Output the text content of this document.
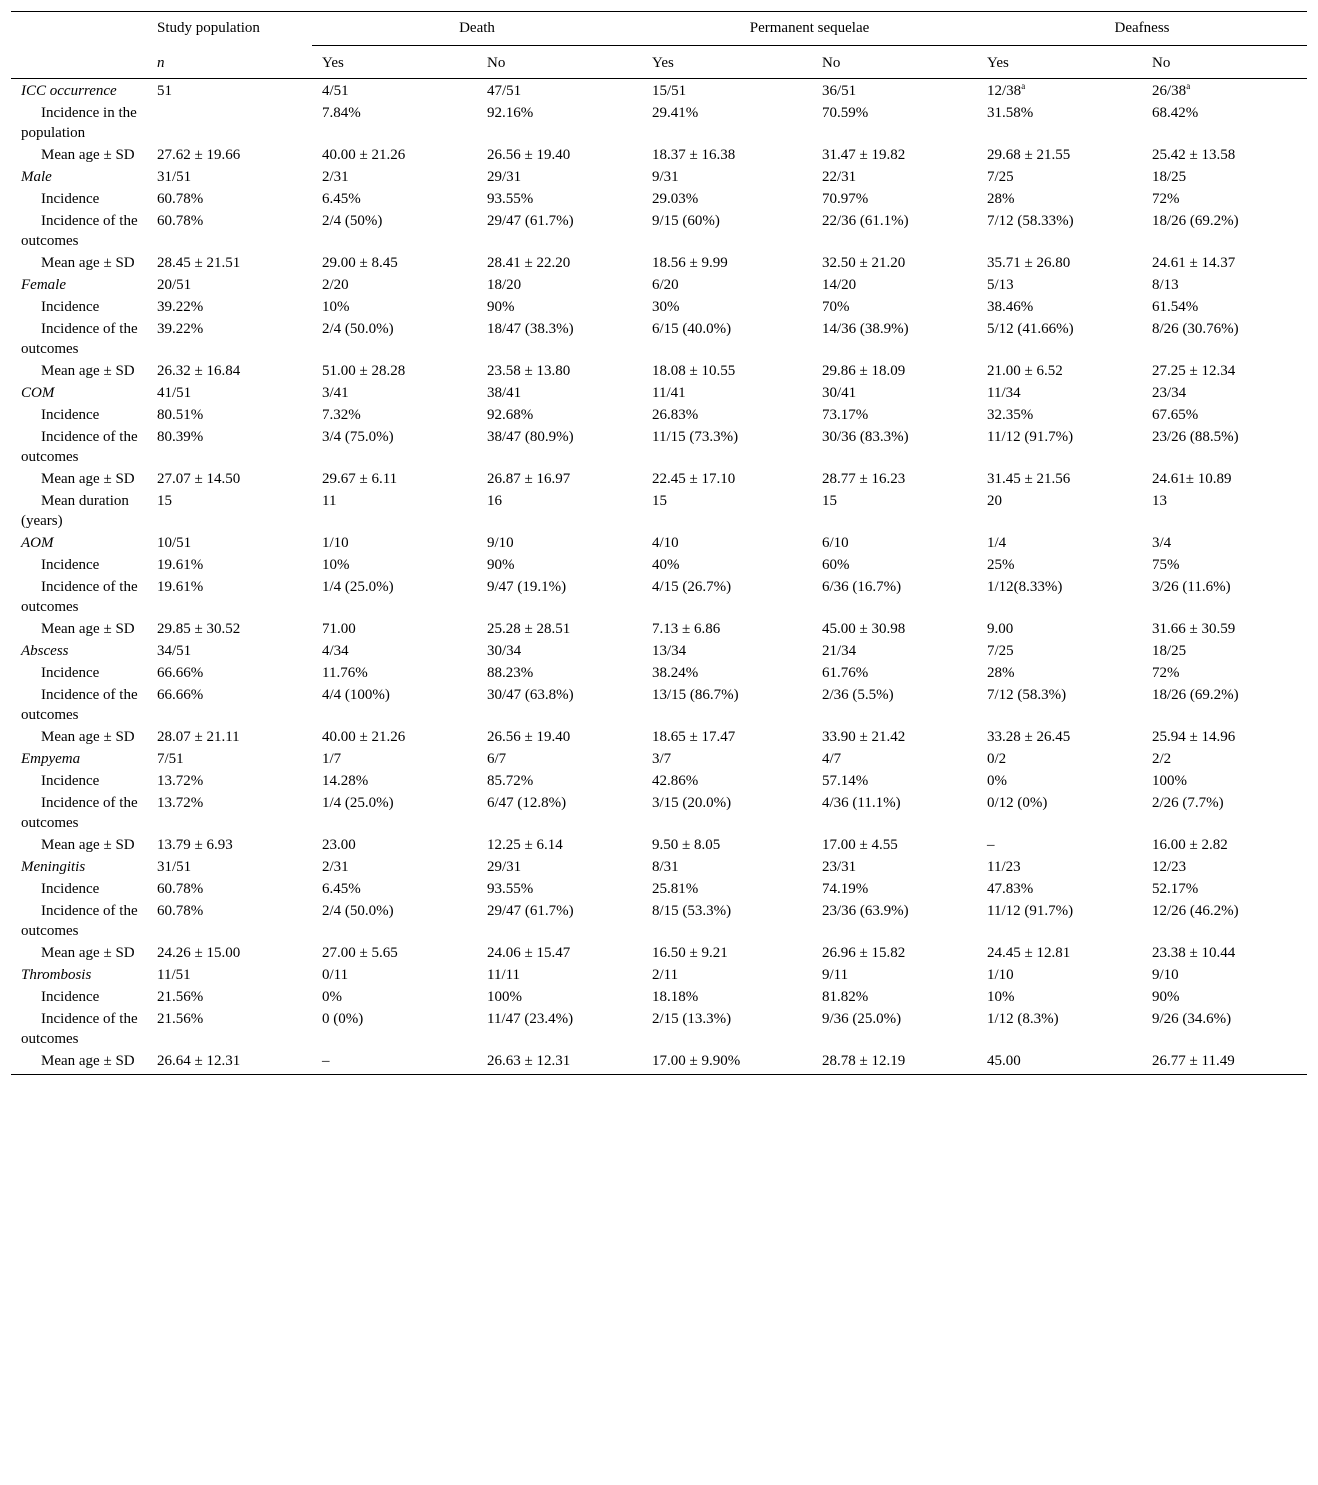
	Study population	Death		Permanent sequelae		Deafness	
	n	Yes	No	Yes	No	Yes	No
ICC occurrence	51	4/51	47/51	15/51	36/51	12/38$^a$	26/38$^a$
Incidence in the population		7.84%	92.16%	29.41%	70.59%	31.58%	68.42%
Mean age ± SD	27.62 ± 19.66	40.00 ± 21.26	26.56 ± 19.40	18.37 ± 16.38	31.47 ± 19.82	29.68 ± 21.55	25.42 ± 13.58
Male	31/51	2/31	29/31	9/31	22/31	7/25	18/25
Incidence	60.78%	6.45%	93.55%	29.03%	70.97%	28%	72%
Incidence of the outcomes	60.78%	2/4 (50%)	29/47 (61.7%)	9/15 (60%)	22/36 (61.1%)	7/12 (58.33%)	18/26 (69.2%)
Mean age ± SD	28.45 ± 21.51	29.00 ± 8.45	28.41 ± 22.20	18.56 ± 9.99	32.50 ± 21.20	35.71 ± 26.80	24.61 ± 14.37
Female	20/51	2/20	18/20	6/20	14/20	5/13	8/13
Incidence	39.22%	10%	90%	30%	70%	38.46%	61.54%
Incidence of the outcomes	39.22%	2/4 (50.0%)	18/47 (38.3%)	6/15 (40.0%)	14/36 (38.9%)	5/12 (41.66%)	8/26 (30.76%)
Mean age ± SD	26.32 ± 16.84	51.00 ± 28.28	23.58 ± 13.80	18.08 ± 10.55	29.86 ± 18.09	21.00 ± 6.52	27.25 ± 12.34
COM	41/51	3/41	38/41	11/41	30/41	11/34	23/34
Incidence	80.51%	7.32%	92.68%	26.83%	73.17%	32.35%	67.65%
Incidence of the outcomes	80.39%	3/4 (75.0%)	38/47 (80.9%)	11/15 (73.3%)	30/36 (83.3%)	11/12 (91.7%)	23/26 (88.5%)
Mean age ± SD	27.07 ± 14.50	29.67 ± 6.11	26.87 ± 16.97	22.45 ± 17.10	28.77 ± 16.23	31.45 ± 21.56	24.61± 10.89
Mean duration (years)	15	11	16	15	15	20	13
AOM	10/51	1/10	9/10	4/10	6/10	1/4	3/4
Incidence	19.61%	10%	90%	40%	60%	25%	75%
Incidence of the outcomes	19.61%	1/4 (25.0%)	9/47 (19.1%)	4/15 (26.7%)	6/36 (16.7%)	1/12(8.33%)	3/26 (11.6%)
Mean age ± SD	29.85 ± 30.52	71.00	25.28 ± 28.51	7.13 ± 6.86	45.00 ± 30.98	9.00	31.66 ± 30.59
Abscess	34/51	4/34	30/34	13/34	21/34	7/25	18/25
Incidence	66.66%	11.76%	88.23%	38.24%	61.76%	28%	72%
Incidence of the outcomes	66.66%	4/4 (100%)	30/47 (63.8%)	13/15 (86.7%)	2/36 (5.5%)	7/12 (58.3%)	18/26 (69.2%)
Mean age ± SD	28.07 ± 21.11	40.00 ± 21.26	26.56 ± 19.40	18.65 ± 17.47	33.90 ± 21.42	33.28 ± 26.45	25.94 ± 14.96
Empyema	7/51	1/7	6/7	3/7	4/7	0/2	2/2
Incidence	13.72%	14.28%	85.72%	42.86%	57.14%	0%	100%
Incidence of the outcomes	13.72%	1/4 (25.0%)	6/47 (12.8%)	3/15 (20.0%)	4/36 (11.1%)	0/12 (0%)	2/26 (7.7%)
Mean age ± SD	13.79 ± 6.93	23.00	12.25 ± 6.14	9.50 ± 8.05	17.00 ± 4.55	–	16.00 ± 2.82
Meningitis	31/51	2/31	29/31	8/31	23/31	11/23	12/23
Incidence	60.78%	6.45%	93.55%	25.81%	74.19%	47.83%	52.17%
Incidence of the outcomes	60.78%	2/4 (50.0%)	29/47 (61.7%)	8/15 (53.3%)	23/36 (63.9%)	11/12 (91.7%)	12/26 (46.2%)
Mean age ± SD	24.26 ± 15.00	27.00 ± 5.65	24.06 ± 15.47	16.50 ± 9.21	26.96 ± 15.82	24.45 ± 12.81	23.38 ± 10.44
Thrombosis	11/51	0/11	11/11	2/11	9/11	1/10	9/10
Incidence	21.56%	0%	100%	18.18%	81.82%	10%	90%
Incidence of the outcomes	21.56%	0 (0%)	11/47 (23.4%)	2/15 (13.3%)	9/36 (25.0%)	1/12 (8.3%)	9/26 (34.6%)
Mean age ± SD	26.64 ± 12.31	–	26.63 ± 12.31	17.00 ± 9.90%	28.78 ± 12.19	45.00	26.77 ± 11.49
